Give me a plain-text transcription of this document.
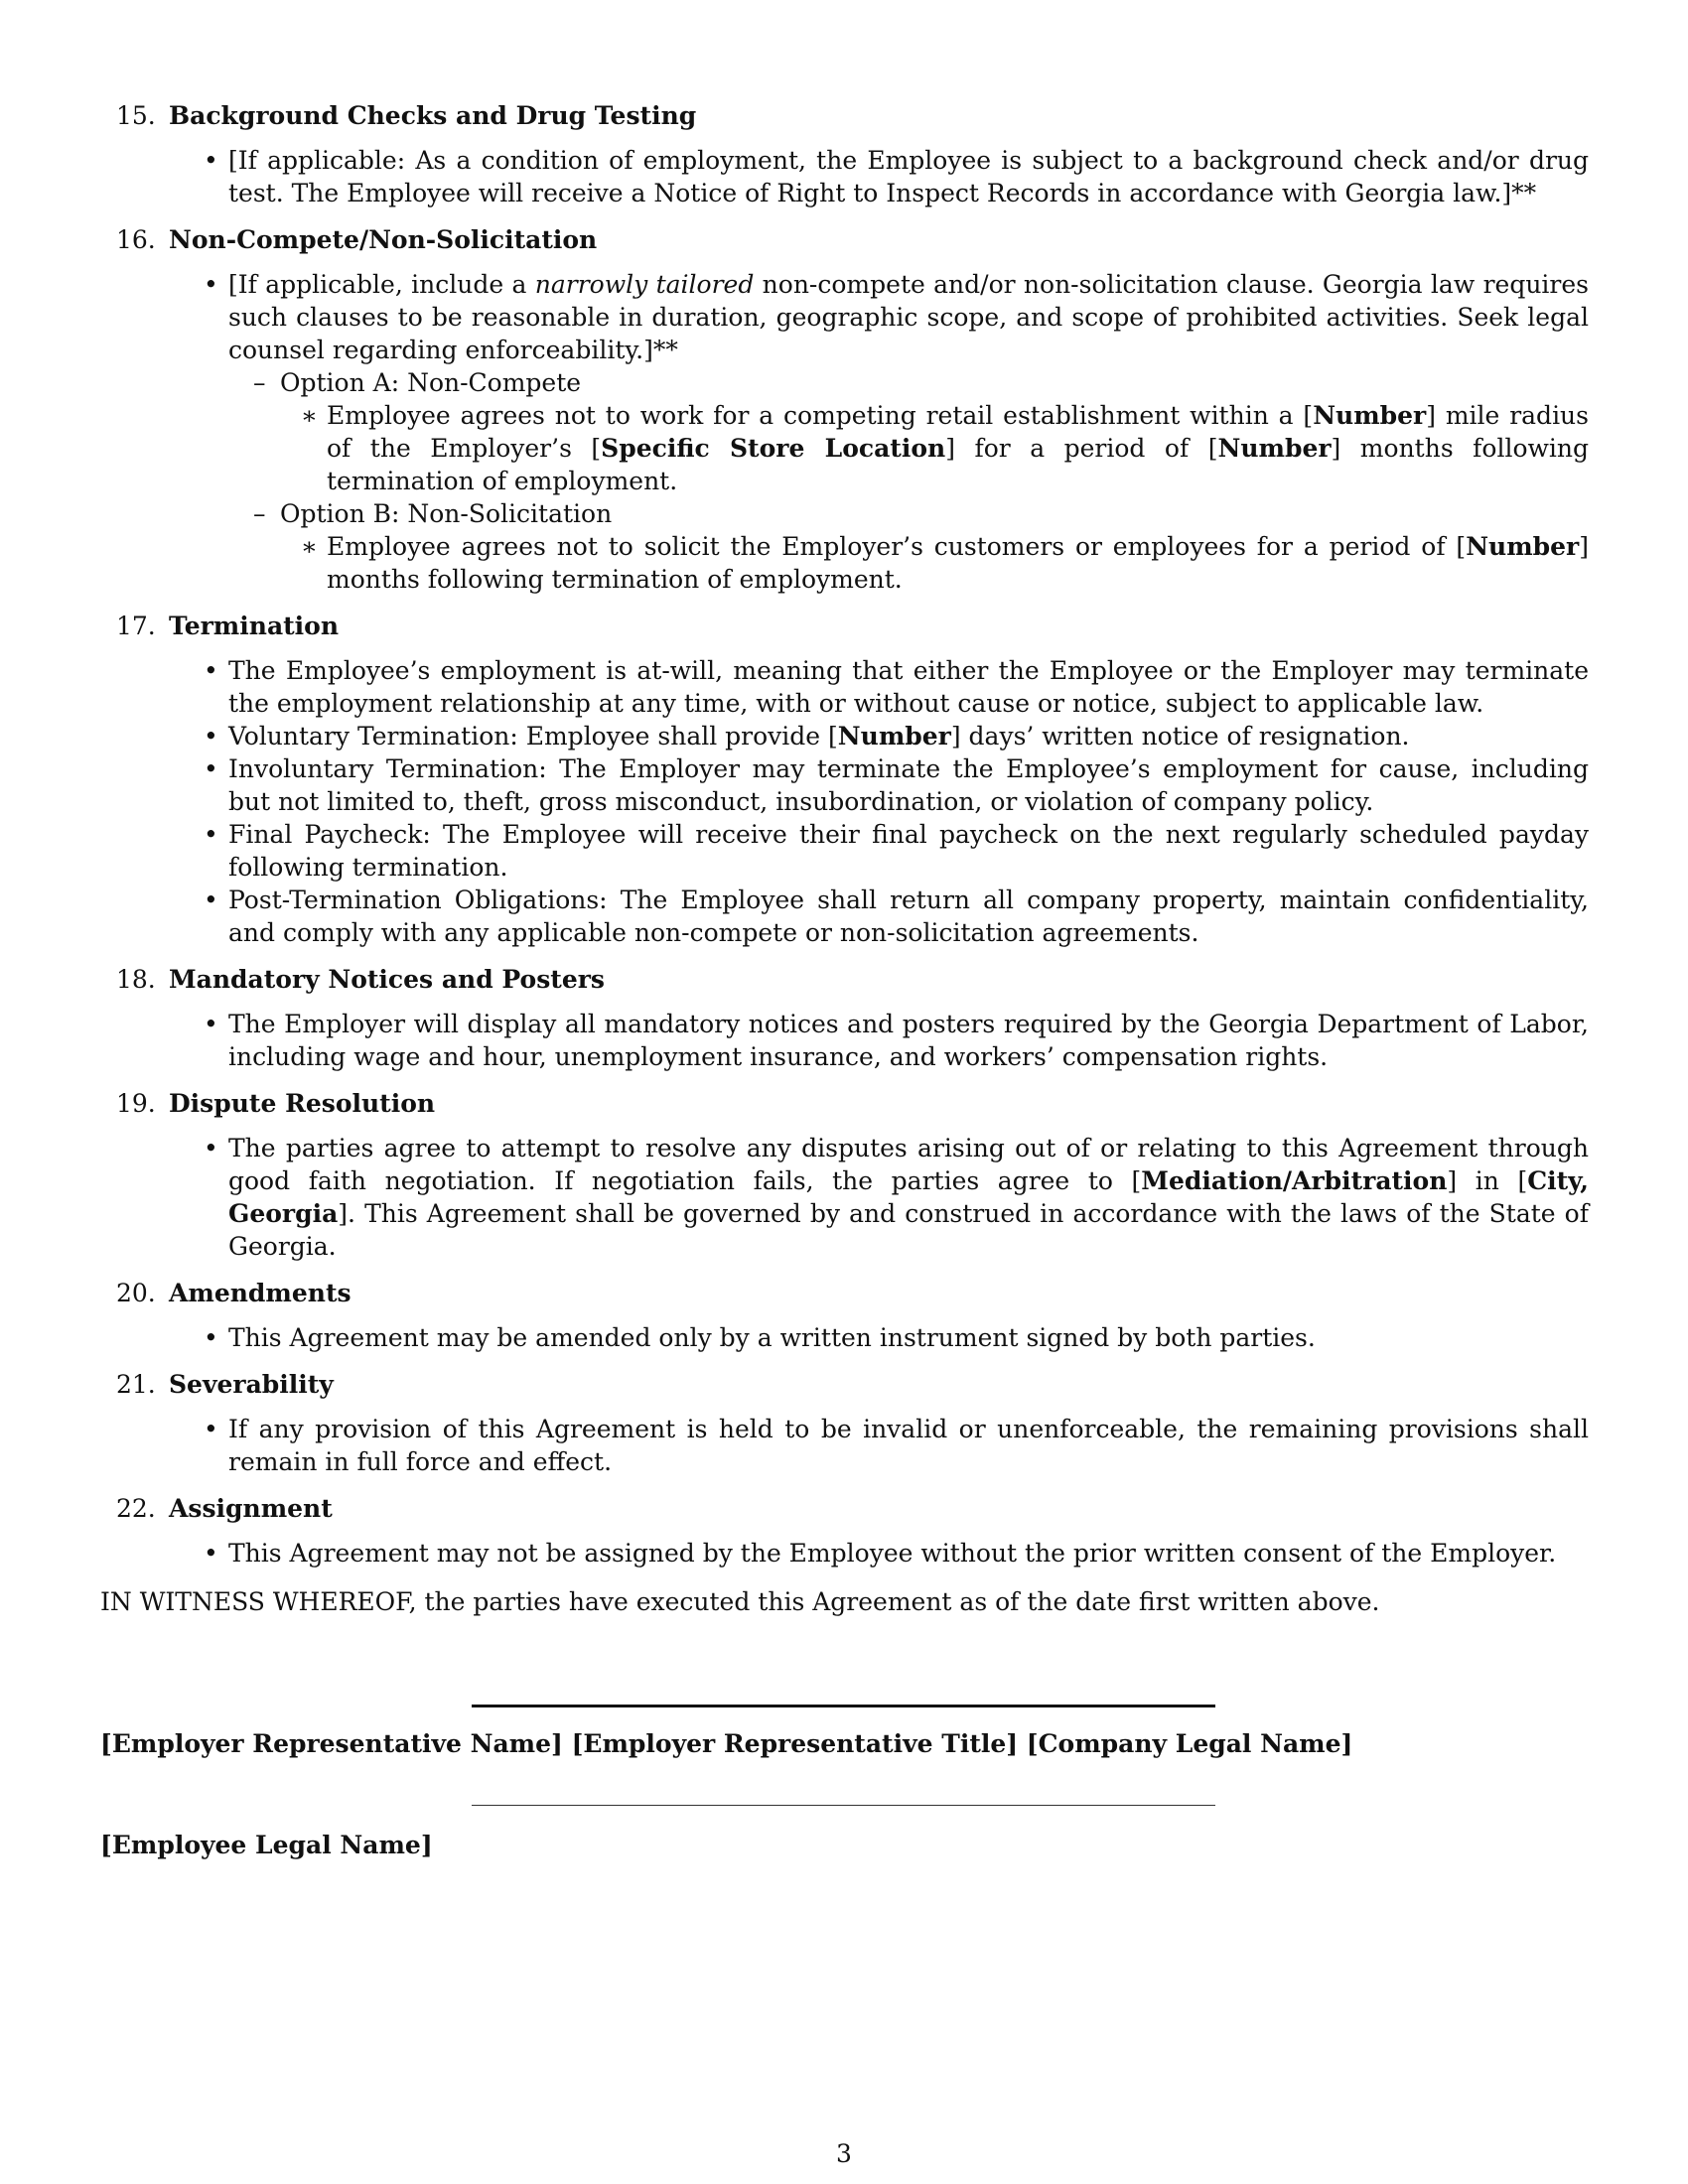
15. Background Checks and Drug Testing
• [If applicable: As a condition of employment, the Employee is subject to a background check and/or drug test. The Employee will receive a Notice of Right to Inspect Records in accordance with Georgia law.]**
16. Non-Compete/Non-Solicitation
• [If applicable, include a narrowly tailored non-compete and/or non-solicitation clause. Georgia law requires such clauses to be reasonable in duration, geographic scope, and scope of prohibited activities. Seek legal counsel regarding enforceability.]**
– Option A: Non-Compete
∗ Employee agrees not to work for a competing retail establishment within a [Number] mile radius of the Employer’s [Specific Store Location] for a period of [Number] months following termination of employment.
– Option B: Non-Solicitation
∗ Employee agrees not to solicit the Employer’s customers or employees for a period of [Number] months following termination of employment.
17. Termination
• The Employee’s employment is at-will, meaning that either the Employee or the Employer may terminate the employment relationship at any time, with or without cause or notice, subject to applicable law.
• Voluntary Termination: Employee shall provide [Number] days’ written notice of resignation.
• Involuntary Termination: The Employer may terminate the Employee’s employment for cause, including but not limited to, theft, gross misconduct, insubordination, or violation of company policy.
• Final Paycheck: The Employee will receive their final paycheck on the next regularly scheduled payday following termination.
• Post-Termination Obligations: The Employee shall return all company property, maintain confidentiality, and comply with any applicable non-compete or non-solicitation agreements.
18. Mandatory Notices and Posters
• The Employer will display all mandatory notices and posters required by the Georgia Department of Labor, including wage and hour, unemployment insurance, and workers’ compensation rights.
19. Dispute Resolution
• The parties agree to attempt to resolve any disputes arising out of or relating to this Agreement through good faith negotiation. If negotiation fails, the parties agree to [Mediation/Arbitration] in [City, Georgia]. This Agreement shall be governed by and construed in accordance with the laws of the State of Georgia.
20. Amendments
• This Agreement may be amended only by a written instrument signed by both parties.
21. Severability
• If any provision of this Agreement is held to be invalid or unenforceable, the remaining provisions shall remain in full force and effect.
22. Assignment
• This Agreement may not be assigned by the Employee without the prior written consent of the Employer.
IN WITNESS WHEREOF, the parties have executed this Agreement as of the date first written above.
[Employer Representative Name] [Employer Representative Title] [Company Legal Name]
[Employee Legal Name]
3
